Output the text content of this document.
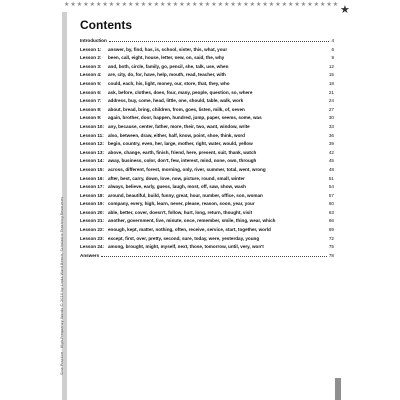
★ ★ ★ ★ ★ ★ ★ ★ ★ ★ ★ ★ ★ ★ ★ ★ ★ ★ ★ ★ ★ ★ ★ ★ ★ ★ ★ ★ ★ ★ ★ ★ ★ ★ ★ ★ ★ ★ ★ ★ ★ ★ ★ ★
Sine Practice · High-Frequency Words © 2010 by Linda Ward Beech, Scholastic Teaching Resources
Contents
Introduction	4
Lesson 1:	answer, by, find, has, is, school, sister, this, what, your	6
Lesson 2:	been, call, eight, house, letter, new, on, said, the, why	9
Lesson 3:	and, both, circle, family, go, pencil, she, talk, use, when	12
Lesson 4:	are, city, do, for, have, help, mouth, read, teacher, with	15
Lesson 5:	could, each, his, light, money, our, store, that, they, who	18
Lesson 6:	ask, before, clothes, does, four, many, people, question, so, where	21
Lesson 7:	address, buy, come, head, little, one, should, table, walk, work	24
Lesson 8:	about, bread, bring, children, from, goes, listen, milk, of, seven	27
Lesson 9:	again, brother, door, happen, hundred, jump, paper, seems, some, was	30
Lesson 10: any, because, center, father, more, their, two, want, window, write	33
Lesson 11: also, between, draw, either, half, know, point, shoe, think, word	36
Lesson 12: begin, country, even, her, large, mother, right, water, would, yellow	39
Lesson 13: above, change, earth, finish, friend, here, present, suit, thank, watch	42
Lesson 14: away, business, color, don't, few, interest, mind, none, own, through	45
Lesson 15: across, different, forest, morning, only, river, summer, total, went, wrong	48
Lesson 16: after, best, carry, down, love, now, picture, round, small, winter	51
Lesson 17: always, believe, early, guess, laugh, most, off, saw, show, wash	54
Lesson 18: around, beautiful, build, funny, great, hour, number, office, son, woman	57
Lesson 19: company, every, high, learn, never, please, reason, soon, year, your	60
Lesson 20: able, better, cover, doesn't, follow, hurt, long, return, thought, visit	63
Lesson 21: another, government, live, minute, once, remember, smile, thing, wear, which	66
Lesson 22: enough, kept, matter, nothing, often, receive, service, start, together, world	69
Lesson 23: except, first, over, pretty, second, sure, today, were, yesterday, young	72
Lesson 24: among, brought, might, myself, next, those, tomorrow, until, very, won't	75
Answers	78
